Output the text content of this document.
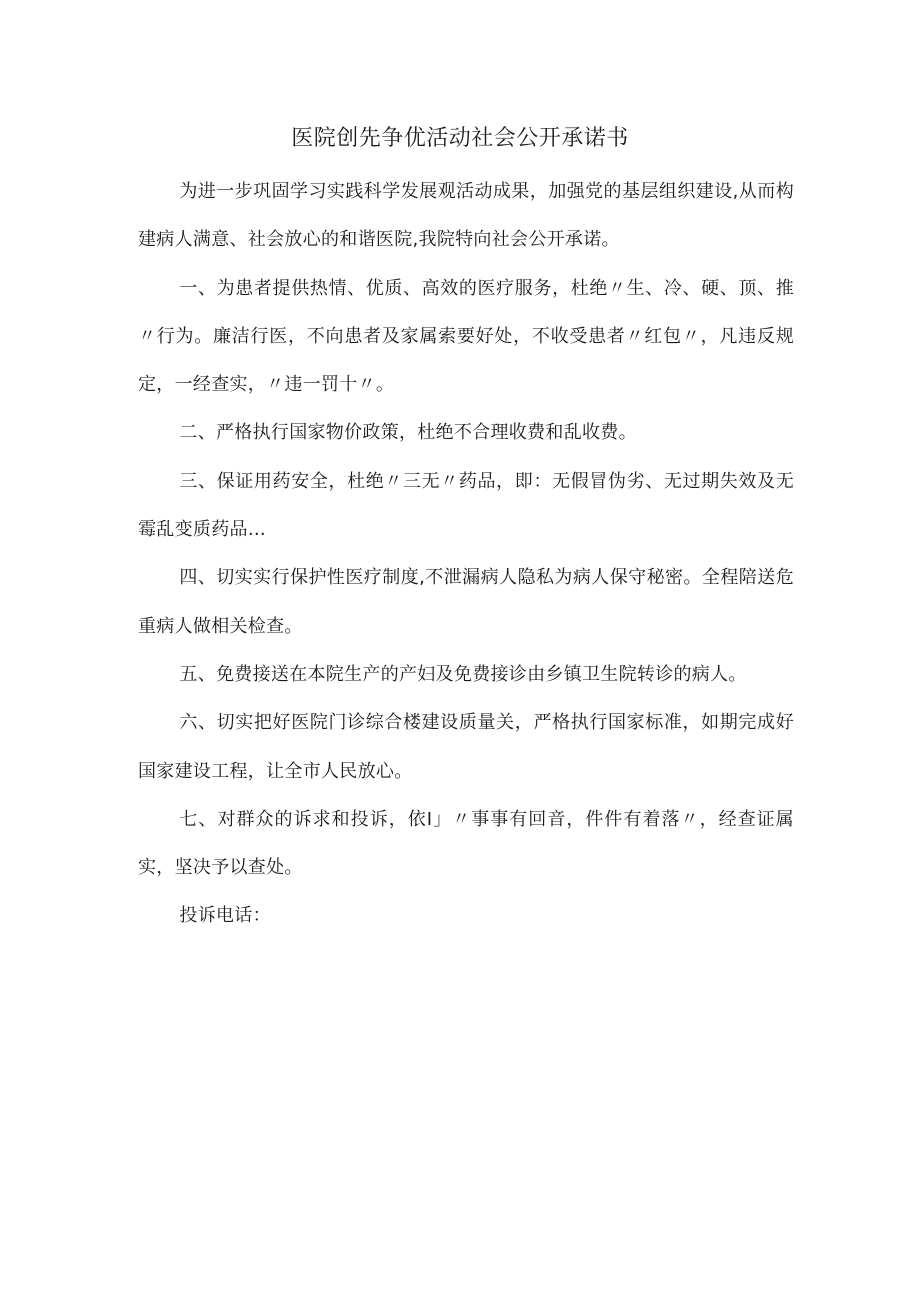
医院创先争优活动社会公开承诺书

为进一步巩固学习实践科学发展观活动成果，加强党的基层组织建设,从而构建病人满意、社会放心的和谐医院,我院特向社会公开承诺。

一、为患者提供热情、优质、高效的医疗服务，杜绝〃生、冷、硬、顶、推〃行为。廉洁行医，不向患者及家属索要好处，不收受患者〃红包〃，凡违反规定，一经查实，〃违一罚十〃。

二、严格执行国家物价政策，杜绝不合理收费和乱收费。

三、保证用药安全，杜绝〃三无〃药品，即：无假冒伪劣、无过期失效及无霉乱变质药品…

四、切实实行保护性医疗制度,不泄漏病人隐私为病人保守秘密。全程陪送危重病人做相关检查。

五、免费接送在本院生产的产妇及免费接诊由乡镇卫生院转诊的病人。

六、切实把好医院门诊综合楼建设质量关，严格执行国家标准，如期完成好国家建设工程，让全市人民放心。

七、对群众的诉求和投诉，依I」〃事事有回音，件件有着落〃，经查证属实，坚决予以查处。

投诉电话：
